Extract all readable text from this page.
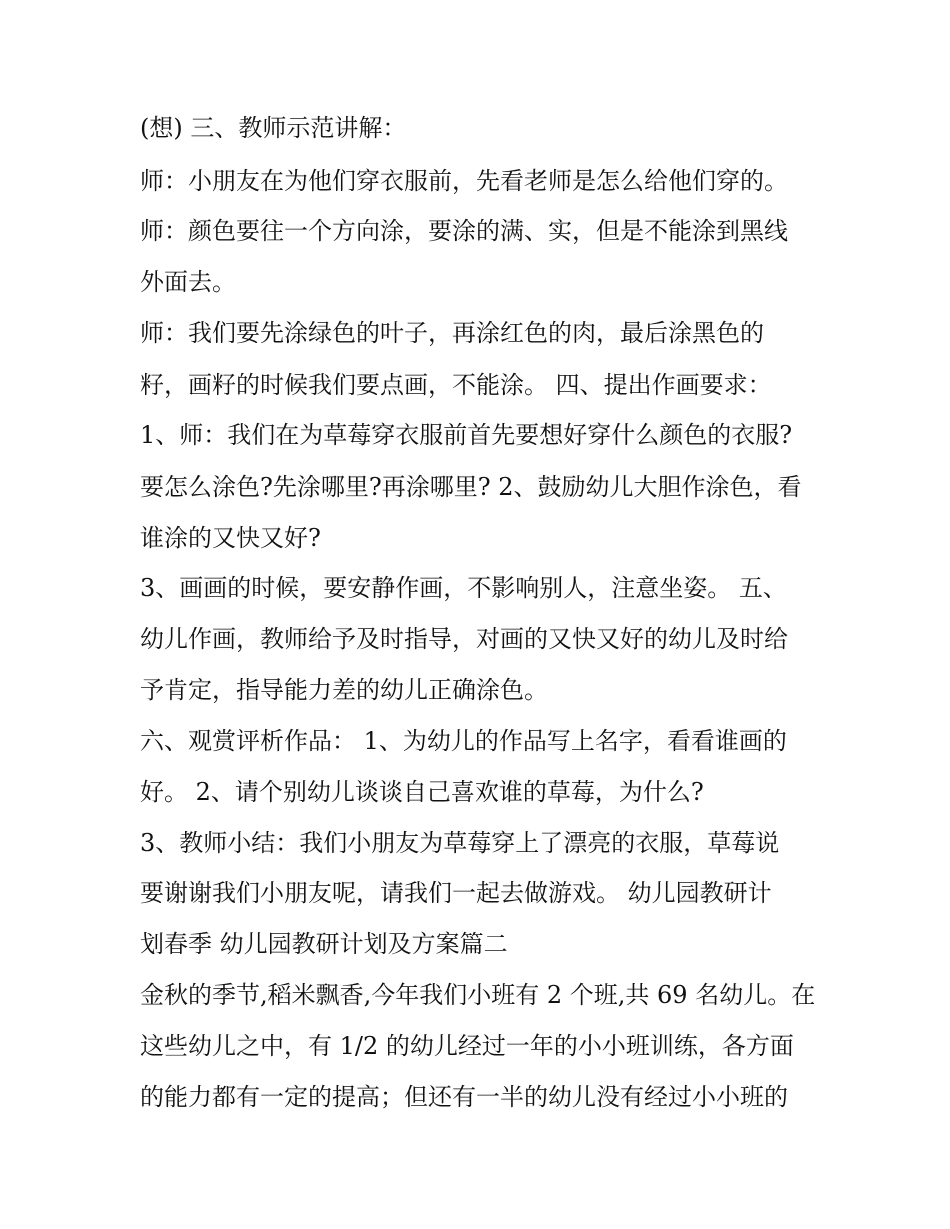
(想) 三、教师示范讲解：
师：小朋友在为他们穿衣服前，先看老师是怎么给他们穿的。
师：颜色要往一个方向涂，要涂的满、实，但是不能涂到黑线
外面去。
师：我们要先涂绿色的叶子，再涂红色的肉，最后涂黑色的
籽，画籽的时候我们要点画，不能涂。 四、提出作画要求：
1、师：我们在为草莓穿衣服前首先要想好穿什么颜色的衣服?
要怎么涂色?先涂哪里?再涂哪里? 2、鼓励幼儿大胆作涂色，看
谁涂的又快又好?
3、画画的时候，要安静作画，不影响别人，注意坐姿。 五、
幼儿作画，教师给予及时指导，对画的又快又好的幼儿及时给
予肯定，指导能力差的幼儿正确涂色。
六、观赏评析作品： 1、为幼儿的作品写上名字，看看谁画的
好。 2、请个别幼儿谈谈自己喜欢谁的草莓，为什么?
3、教师小结：我们小朋友为草莓穿上了漂亮的衣服，草莓说
要谢谢我们小朋友呢，请我们一起去做游戏。 幼儿园教研计
划春季 幼儿园教研计划及方案篇二
金秋的季节,稻米飘香,今年我们小班有 2 个班,共 69 名幼儿。在
这些幼儿之中，有 1/2 的幼儿经过一年的小小班训练，各方面
的能力都有一定的提高；但还有一半的幼儿没有经过小小班的
